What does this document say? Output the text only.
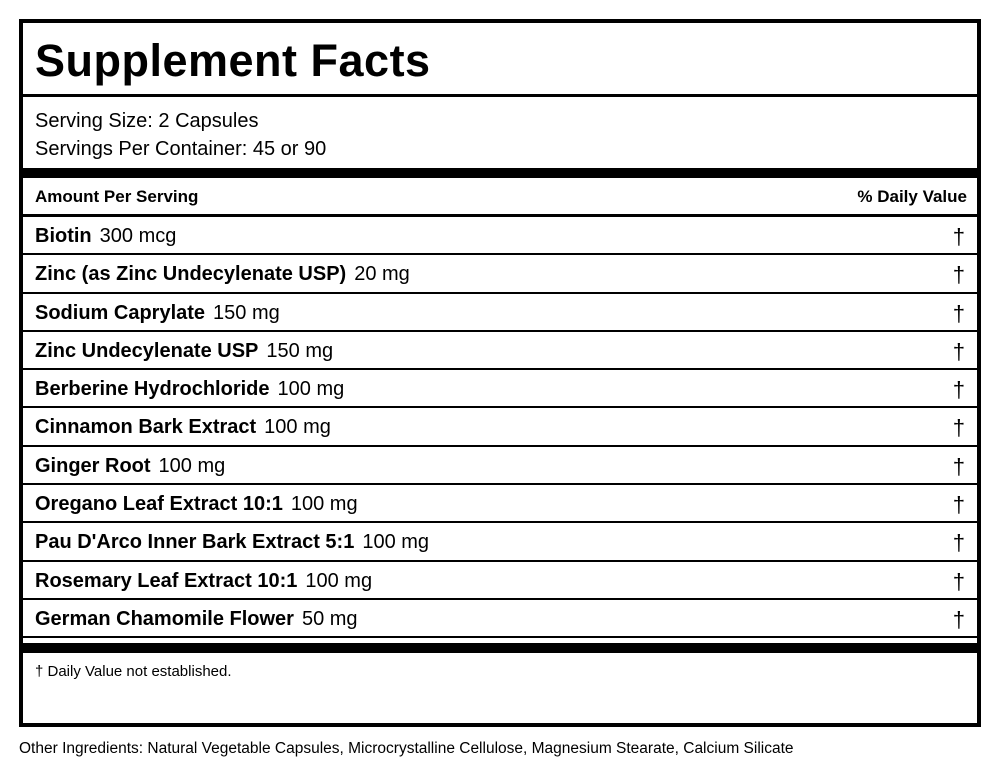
Supplement Facts
Serving Size: 2 Capsules
Servings Per Container: 45 or 90
Amount Per Serving	% Daily Value
Biotin 300 mcg	†
Zinc (as Zinc Undecylenate USP) 20 mg	†
Sodium Caprylate 150 mg	†
Zinc Undecylenate USP 150 mg	†
Berberine Hydrochloride 100 mg	†
Cinnamon Bark Extract 100 mg	†
Ginger Root 100 mg	†
Oregano Leaf Extract 10:1 100 mg	†
Pau D'Arco Inner Bark Extract 5:1 100 mg	†
Rosemary Leaf Extract 10:1 100 mg	†
German Chamomile Flower 50 mg	†
† Daily Value not established.
Other Ingredients: Natural Vegetable Capsules, Microcrystalline Cellulose, Magnesium Stearate, Calcium Silicate
